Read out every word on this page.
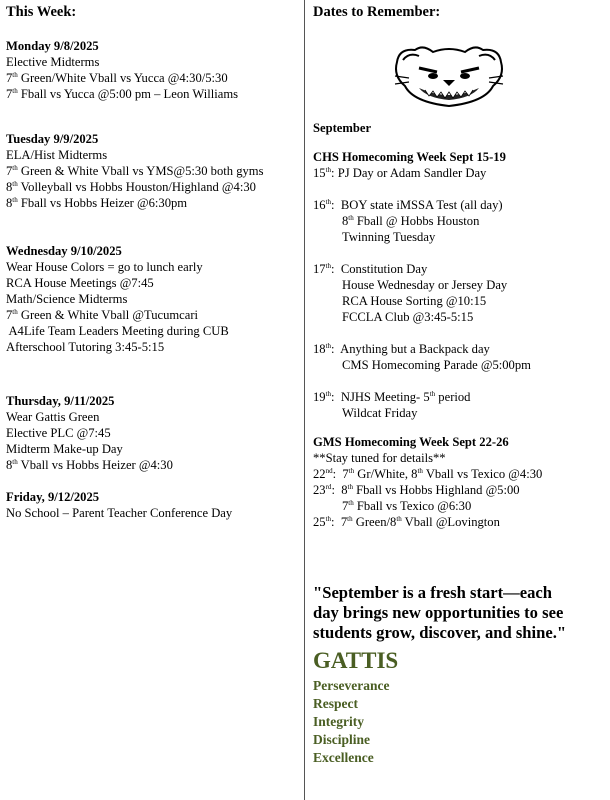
This Week:

Monday 9/8/2025

Elective Midterms

7th Green/White Vball vs Yucca @4:30/5:30

7th Fball vs Yucca @5:00 pm – Leon Williams

Tuesday 9/9/2025

ELA/Hist Midterms

7th Green & White Vball vs YMS@5:30 both gyms

8th Volleyball vs Hobbs Houston/Highland @4:30

8th Fball vs Hobbs Heizer @6:30pm

Wednesday 9/10/2025

Wear House Colors = go to lunch early

RCA House Meetings @7:45

Math/Science Midterms

7th Green & White Vball @Tucumcari

A4Life Team Leaders Meeting during CUB

Afterschool Tutoring 3:45-5:15

Thursday, 9/11/2025

Wear Gattis Green

Elective PLC @7:45

Midterm Make-up Day

8th Vball vs Hobbs Heizer @4:30

Friday, 9/12/2025

No School – Parent Teacher Conference Day

Dates to Remember:

September

CHS Homecoming Week Sept 15-19

15th: PJ Day or Adam Sandler Day

16th:  BOY state iMSSA Test (all day)

8th Fball @ Hobbs Houston

Twinning Tuesday

17th:  Constitution Day

House Wednesday or Jersey Day

RCA House Sorting @10:15

FCCLA Club @3:45-5:15

18th:  Anything but a Backpack day

CMS Homecoming Parade @5:00pm

19th:  NJHS Meeting- 5th period

Wildcat Friday

GMS Homecoming Week Sept 22-26

**Stay tuned for details**

22nd:  7th Gr/White, 8th Vball vs Texico @4:30

23rd:  8th Fball vs Hobbs Highland @5:00

7th Fball vs Texico @6:30

25th:  7th Green/8th Vball @Lovington

"September is a fresh start—each

day brings new opportunities to see

students grow, discover, and shine."

GATTIS

Perseverance

Respect

Integrity

Discipline

Excellence
